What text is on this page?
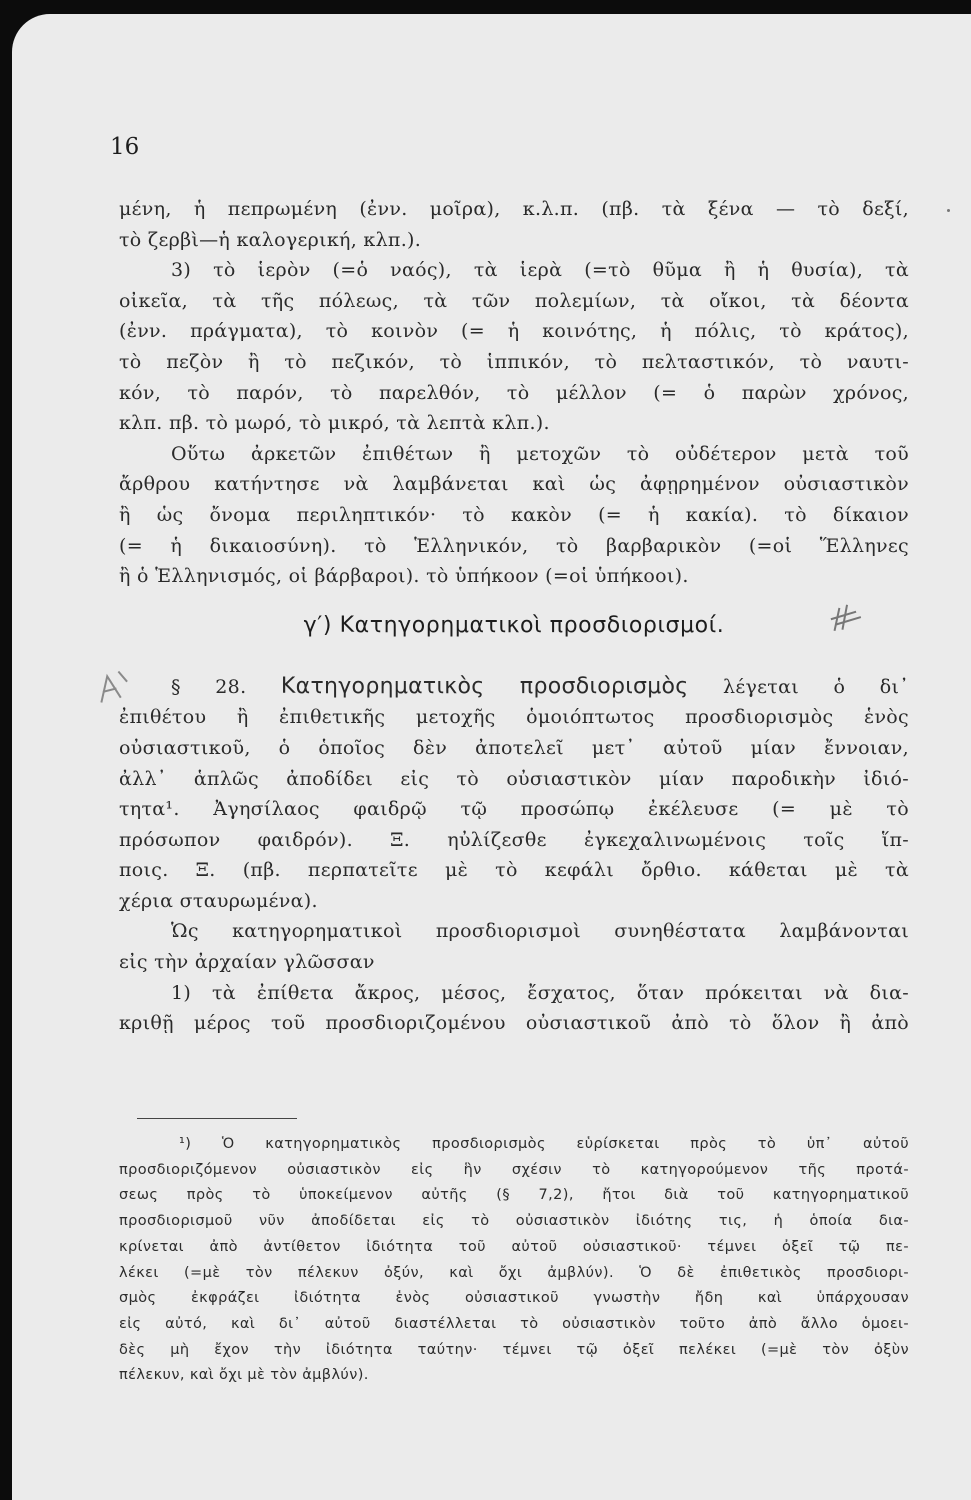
16
μένη, ἡ πεπρωμένη (ἐνν. μοῖρα), κ.λ.π. (πβ. τὰ ξένα — τὸ δεξί,
τὸ ζερβὶ—ἡ καλογερική, κλπ.).
3) τὸ ἱερὸν (=ὁ ναός), τὰ ἱερὰ (=τὸ θῦμα ἢ ἡ θυσία), τὰ
οἰκεῖα, τὰ τῆς πόλεως, τὰ τῶν πολεμίων, τὰ οἴκοι, τὰ δέοντα
(ἐνν. πράγματα), τὸ κοινὸν (= ἡ κοινότης, ἡ πόλις, τὸ κράτος),
τὸ πεζὸν ἢ τὸ πεζικόν, τὸ ἱππικόν, τὸ πελταστικόν, τὸ ναυτι-
κόν, τὸ παρόν, τὸ παρελθόν, τὸ μέλλον (= ὁ παρὼν χρόνος,
κλπ. πβ. τὸ μωρό, τὸ μικρό, τὰ λεπτὰ κλπ.).
Οὕτω ἀρκετῶν ἐπιθέτων ἢ μετοχῶν τὸ οὐδέτερον μετὰ τοῦ
ἄρθρου κατήντησε νὰ λαμβάνεται καὶ ὡς ἀφῃρημένον οὐσιαστικὸν
ἢ ὡς ὄνομα περιληπτικόν· τὸ κακὸν (= ἡ κακία). τὸ δίκαιον
(= ἡ δικαιοσύνη). τὸ Ἑλληνικόν, τὸ βαρβαρικὸν (=οἱ Ἕλληνες
ἢ ὁ Ἑλληνισμός, οἱ βάρβαροι). τὸ ὑπήκοον (=οἱ ὑπήκοοι).
γ′) Κατηγορηματικοὶ προσδιορισμοί.
§ 28. Κατηγορηματικὸς προσδιορισμὸς λέγεται ὁ δι᾽
ἐπιθέτου ἢ ἐπιθετικῆς μετοχῆς ὁμοιόπτωτος προσδιορισμὸς ἑνὸς
οὐσιαστικοῦ, ὁ ὁποῖος δὲν ἀποτελεῖ μετ᾽ αὐτοῦ μίαν ἔννοιαν,
ἀλλ᾽ ἁπλῶς ἀποδίδει εἰς τὸ οὐσιαστικὸν μίαν παροδικὴν ἰδιό-
τητα¹. Ἀγησίλαος φαιδρῷ τῷ προσώπῳ ἐκέλευσε (= μὲ τὸ
πρόσωπον φαιδρόν). Ξ. ηὐλίζεσθε ἐγκεχαλινωμένοις τοῖς ἵπ-
ποις. Ξ. (πβ. περπατεῖτε μὲ τὸ κεφάλι ὄρθιο. κάθεται μὲ τὰ
χέρια σταυρωμένα).
Ὡς κατηγορηματικοὶ προσδιορισμοὶ συνηθέστατα λαμβάνονται
εἰς τὴν ἀρχαίαν γλῶσσαν
1) τὰ ἐπίθετα ἄκρος, μέσος, ἔσχατος, ὅταν πρόκειται νὰ δια-
κριθῇ μέρος τοῦ προσδιοριζομένου οὐσιαστικοῦ ἀπὸ τὸ ὅλον ἢ ἀπὸ
¹) Ὁ κατηγορηματικὸς προσδιορισμὸς εὑρίσκεται πρὸς τὸ ὑπ᾽ αὐτοῦ
προσδιοριζόμενον οὐσιαστικὸν εἰς ἣν σχέσιν τὸ κατηγορούμενον τῆς προτά-
σεως πρὸς τὸ ὑποκείμενον αὐτῆς (§ 7,2), ἤτοι διὰ τοῦ κατηγορηματικοῦ
προσδιορισμοῦ νῦν ἀποδίδεται εἰς τὸ οὐσιαστικὸν ἰδιότης τις, ἡ ὁποία δια-
κρίνεται ἀπὸ ἀντίθετον ἰδιότητα τοῦ αὐτοῦ οὐσιαστικοῦ· τέμνει ὀξεῖ τῷ πε-
λέκει (=μὲ τὸν πέλεκυν ὀξύν, καὶ ὄχι ἀμβλύν). Ὁ δὲ ἐπιθετικὸς προσδιορι-
σμὸς ἐκφράζει ἰδιότητα ἑνὸς οὐσιαστικοῦ γνωστὴν ἤδη καὶ ὑπάρχουσαν
εἰς αὐτό, καὶ δι᾽ αὐτοῦ διαστέλλεται τὸ οὐσιαστικὸν τοῦτο ἀπὸ ἄλλο ὁμοει-
δὲς μὴ ἔχον τὴν ἰδιότητα ταύτην· τέμνει τῷ ὀξεῖ πελέκει (=μὲ τὸν ὀξὺν
πέλεκυν, καὶ ὄχι μὲ τὸν ἀμβλύν).
